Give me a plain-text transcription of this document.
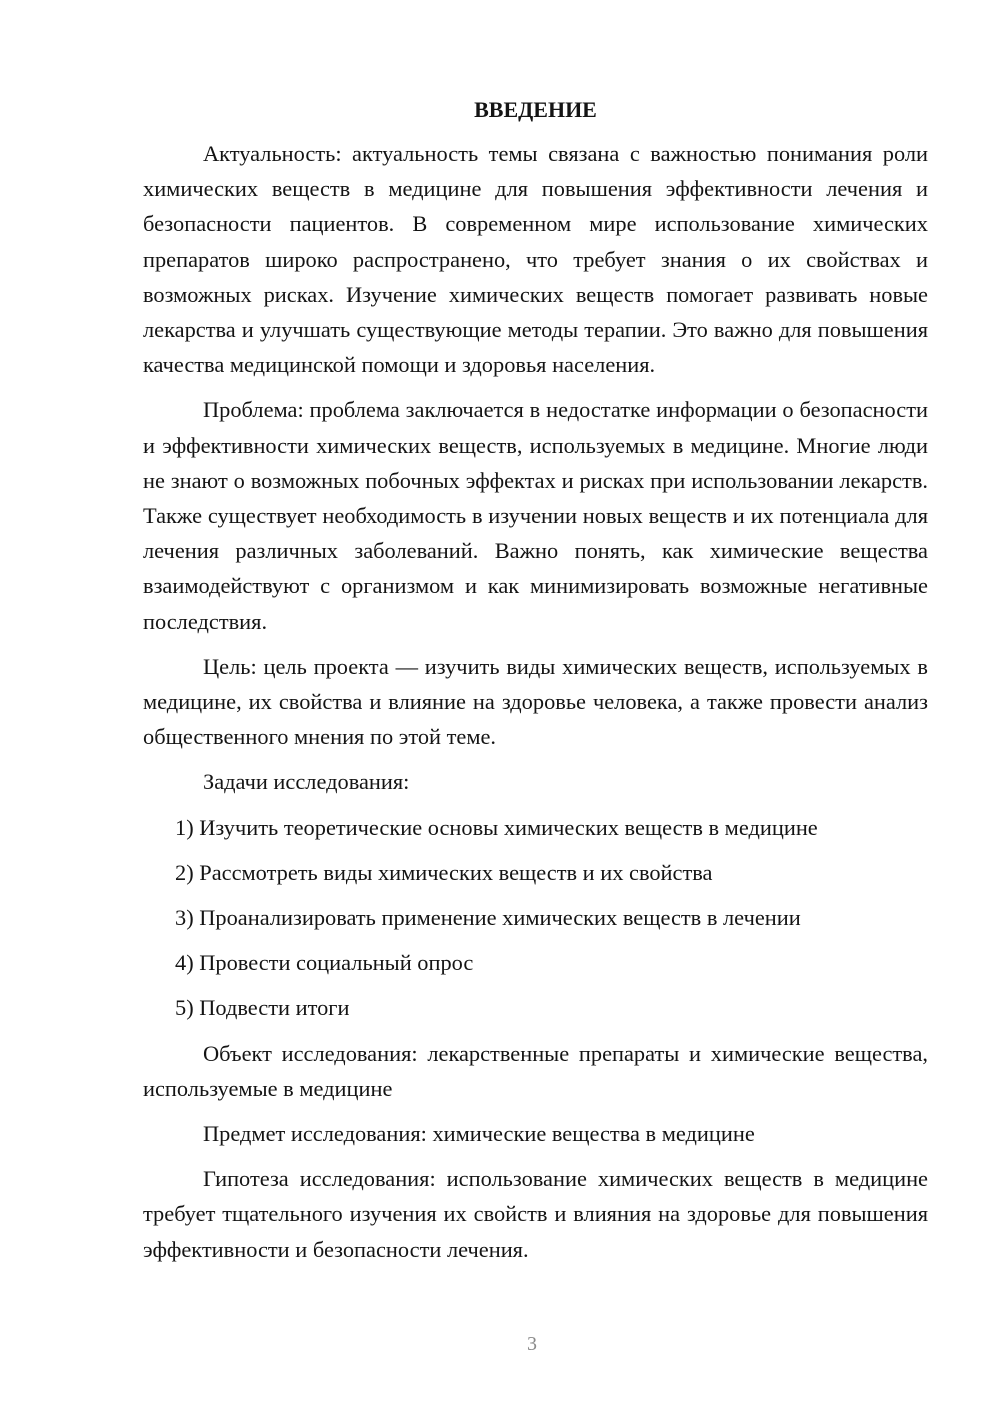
ВВЕДЕНИЕ

Актуальность: актуальность темы связана с важностью понимания роли химических веществ в медицине для повышения эффективности лечения и безопасности пациентов. В современном мире использование химических препаратов широко распространено, что требует знания о их свойствах и возможных рисках. Изучение химических веществ помогает развивать новые лекарства и улучшать существующие методы терапии. Это важно для повышения качества медицинской помощи и здоровья населения.

Проблема: проблема заключается в недостатке информации о безопасности и эффективности химических веществ, используемых в медицине. Многие люди не знают о возможных побочных эффектах и рисках при использовании лекарств. Также существует необходимость в изучении новых веществ и их потенциала для лечения различных заболеваний. Важно понять, как химические вещества взаимодействуют с организмом и как минимизировать возможные негативные последствия.

Цель: цель проекта — изучить виды химических веществ, используемых в медицине, их свойства и влияние на здоровье человека, а также провести анализ общественного мнения по этой теме.

Задачи исследования:

1) Изучить теоретические основы химических веществ в медицине
2) Рассмотреть виды химических веществ и их свойства
3) Проанализировать применение химических веществ в лечении
4) Провести социальный опрос
5) Подвести итоги

Объект исследования: лекарственные препараты и химические вещества, используемые в медицине

Предмет исследования: химические вещества в медицине

Гипотеза исследования: использование химических веществ в медицине требует тщательного изучения их свойств и влияния на здоровье для повышения эффективности и безопасности лечения.

3
